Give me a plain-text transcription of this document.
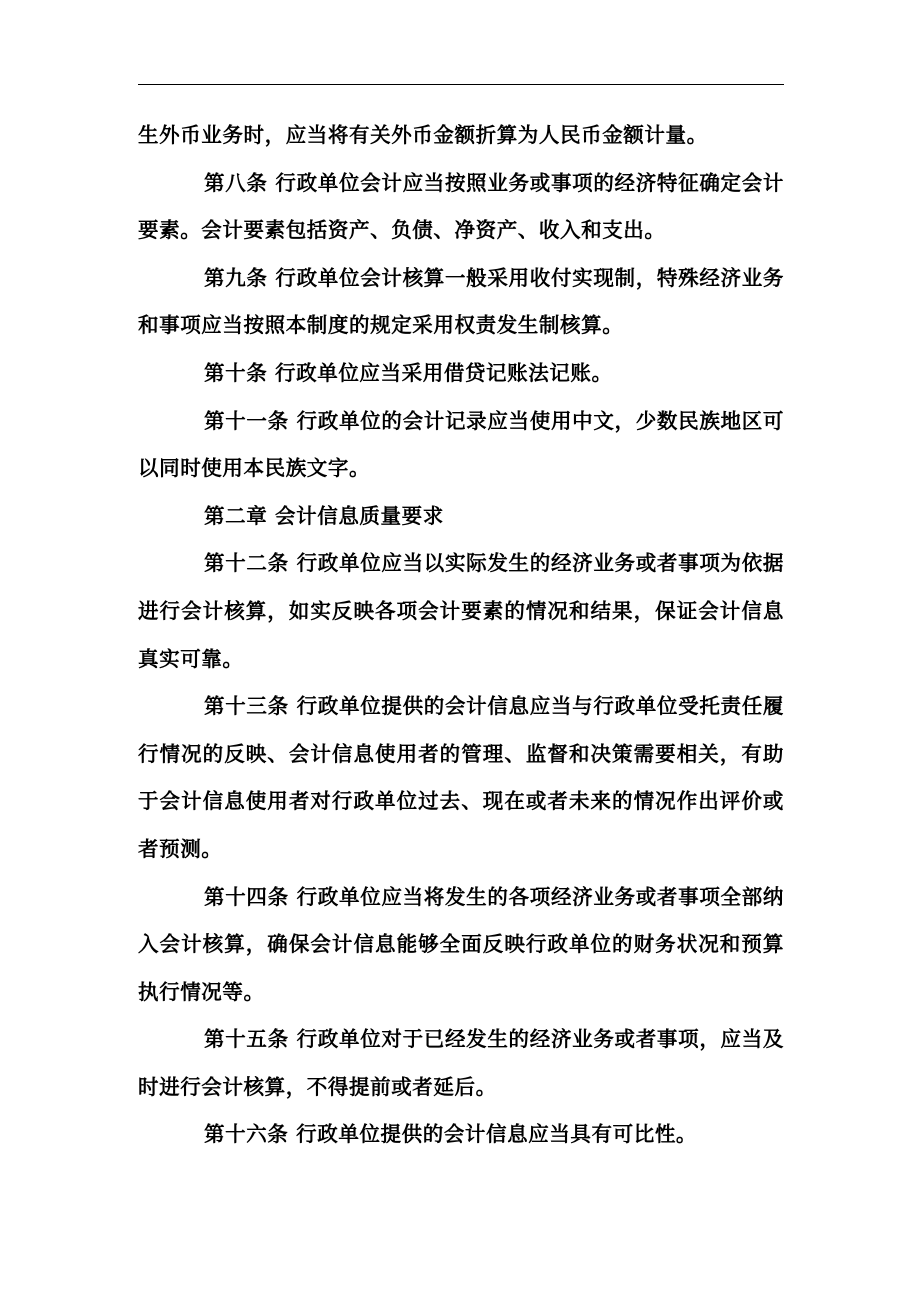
生外币业务时，应当将有关外币金额折算为人民币金额计量。

第八条 行政单位会计应当按照业务或事项的经济特征确定会计要素。会计要素包括资产、负债、净资产、收入和支出。

第九条 行政单位会计核算一般采用收付实现制，特殊经济业务和事项应当按照本制度的规定采用权责发生制核算。

第十条 行政单位应当采用借贷记账法记账。

第十一条 行政单位的会计记录应当使用中文，少数民族地区可以同时使用本民族文字。

第二章 会计信息质量要求

第十二条 行政单位应当以实际发生的经济业务或者事项为依据进行会计核算，如实反映各项会计要素的情况和结果，保证会计信息真实可靠。

第十三条 行政单位提供的会计信息应当与行政单位受托责任履行情况的反映、会计信息使用者的管理、监督和决策需要相关，有助于会计信息使用者对行政单位过去、现在或者未来的情况作出评价或者预测。

第十四条 行政单位应当将发生的各项经济业务或者事项全部纳入会计核算，确保会计信息能够全面反映行政单位的财务状况和预算执行情况等。

第十五条 行政单位对于已经发生的经济业务或者事项，应当及时进行会计核算，不得提前或者延后。

第十六条 行政单位提供的会计信息应当具有可比性。
